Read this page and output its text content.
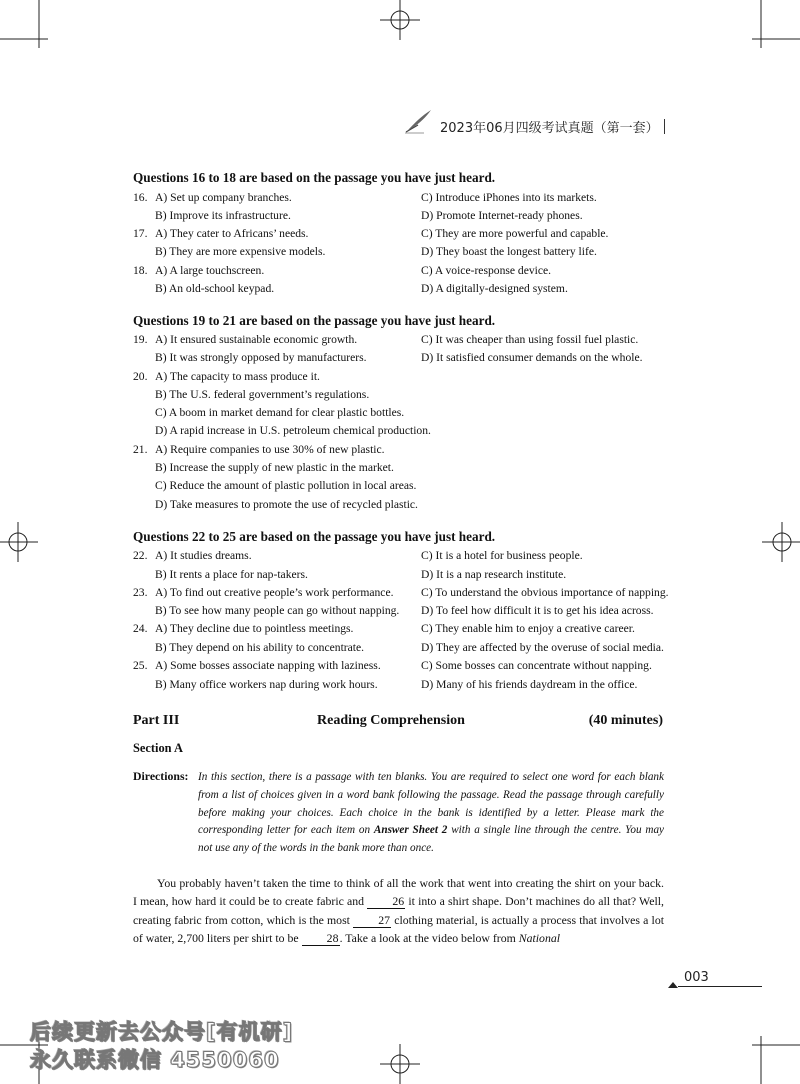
2023年06月四级考试真题（第一套）
Questions 16 to 18 are based on the passage you have just heard.
16. A) Set up company branches.	C) Introduce iPhones into its markets.
B) Improve its infrastructure.	D) Promote Internet-ready phones.
17. A) They cater to Africans’ needs.	C) They are more powerful and capable.
B) They are more expensive models.	D) They boast the longest battery life.
18. A) A large touchscreen.	C) A voice-response device.
B) An old-school keypad.	D) A digitally-designed system.
Questions 19 to 21 are based on the passage you have just heard.
19. A) It ensured sustainable economic growth.	C) It was cheaper than using fossil fuel plastic.
B) It was strongly opposed by manufacturers.	D) It satisfied consumer demands on the whole.
20. A) The capacity to mass produce it.
B) The U.S. federal government’s regulations.
C) A boom in market demand for clear plastic bottles.
D) A rapid increase in U.S. petroleum chemical production.
21. A) Require companies to use 30% of new plastic.
B) Increase the supply of new plastic in the market.
C) Reduce the amount of plastic pollution in local areas.
D) Take measures to promote the use of recycled plastic.
Questions 22 to 25 are based on the passage you have just heard.
22. A) It studies dreams.	C) It is a hotel for business people.
B) It rents a place for nap-takers.	D) It is a nap research institute.
23. A) To find out creative people’s work performance. C) To understand the obvious importance of napping.
B) To see how many people can go without napping. D) To feel how difficult it is to get his idea across.
24. A) They decline due to pointless meetings.	C) They enable him to enjoy a creative career.
B) They depend on his ability to concentrate.	D) They are affected by the overuse of social media.
25. A) Some bosses associate napping with laziness.	C) Some bosses can concentrate without napping.
B) Many office workers nap during work hours.	D) Many of his friends daydream in the office.
Part III	Reading Comprehension	(40 minutes)
Section A
Directions: In this section, there is a passage with ten blanks. You are required to select one word for each blank from a list of choices given in a word bank following the passage. Read the passage through carefully before making your choices. Each choice in the bank is identified by a letter. Please mark the corresponding letter for each item on Answer Sheet 2 with a single line through the centre. You may not use any of the words in the bank more than once.

You probably haven’t taken the time to think of all the work that went into creating the shirt on your back. I mean, how hard it could be to create fabric and 26 it into a shirt shape. Don’t machines do all that? Well, creating fabric from cotton, which is the most 27 clothing material, is actually a process that involves a lot of water, 2,700 liters per shirt to be 28. Take a look at the video below from National

003
后续更新去公众号[有机研]
永久联系微信 4550060
